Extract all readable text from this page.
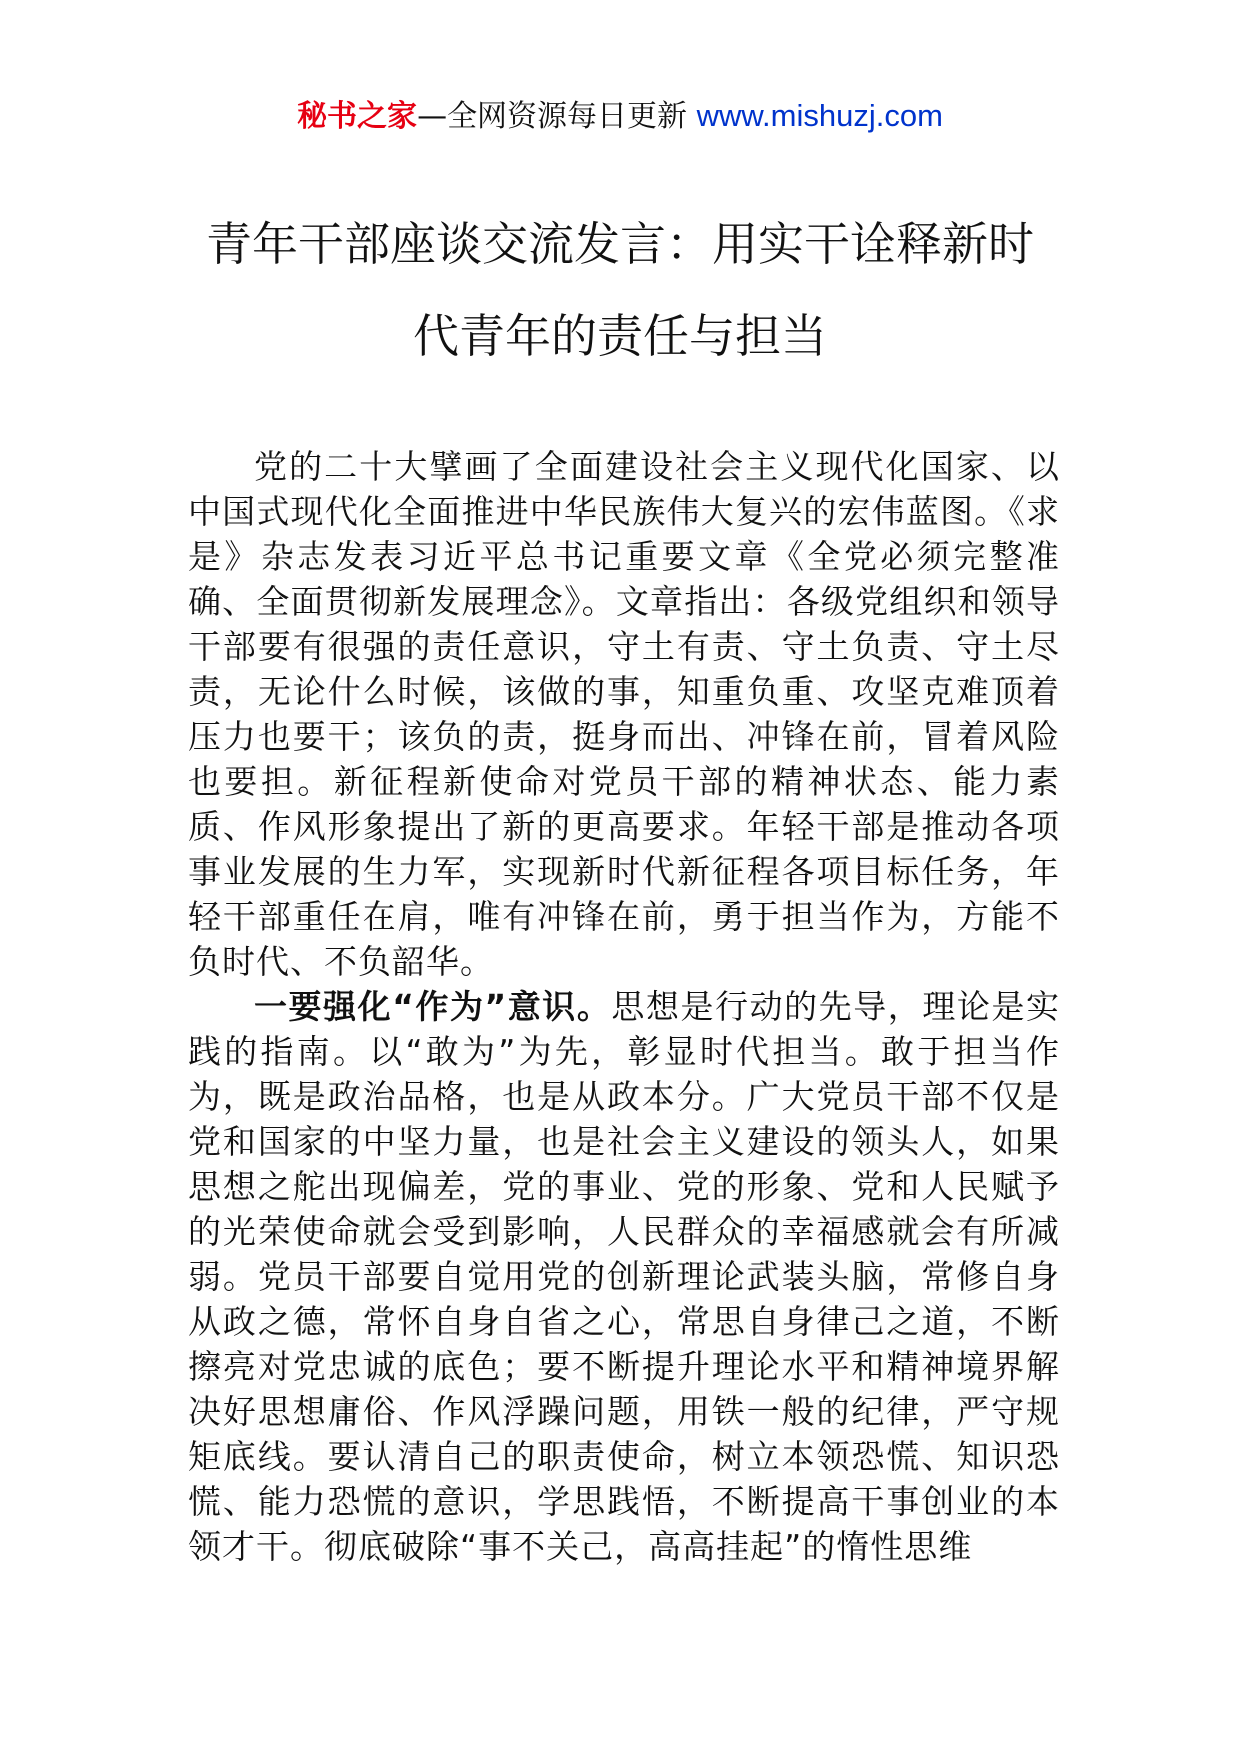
秘书之家—全网资源每日更新 www.mishuzj.com
青年干部座谈交流发言：用实干诠释新时
代青年的责任与担当

党的二十大擘画了全面建设社会主义现代化国家、以中国式现代化全面推进中华民族伟大复兴的宏伟蓝图。《求是》杂志发表习近平总书记重要文章《全党必须完整准确、全面贯彻新发展理念》。文章指出：各级党组织和领导干部要有很强的责任意识，守土有责、守土负责、守土尽责，无论什么时候，该做的事，知重负重、攻坚克难顶着压力也要干；该负的责，挺身而出、冲锋在前，冒着风险也要担。新征程新使命对党员干部的精神状态、能力素质、作风形象提出了新的更高要求。年轻干部是推动各项事业发展的生力军，实现新时代新征程各项目标任务，年轻干部重任在肩，唯有冲锋在前，勇于担当作为，方能不负时代、不负韶华。

一要强化“作为”意识。思想是行动的先导，理论是实践的指南。以“敢为”为先，彰显时代担当。敢于担当作为，既是政治品格，也是从政本分。广大党员干部不仅是党和国家的中坚力量，也是社会主义建设的领头人，如果思想之舵出现偏差，党的事业、党的形象、党和人民赋予的光荣使命就会受到影响，人民群众的幸福感就会有所减弱。党员干部要自觉用党的创新理论武装头脑，常修自身从政之德，常怀自身自省之心，常思自身律己之道，不断擦亮对党忠诚的底色；要不断提升理论水平和精神境界解决好思想庸俗、作风浮躁问题，用铁一般的纪律，严守规矩底线。要认清自己的职责使命，树立本领恐慌、知识恐慌、能力恐慌的意识，学思践悟，不断提高干事创业的本领才干。彻底破除“事不关己，高高挂起”的惰性思维
